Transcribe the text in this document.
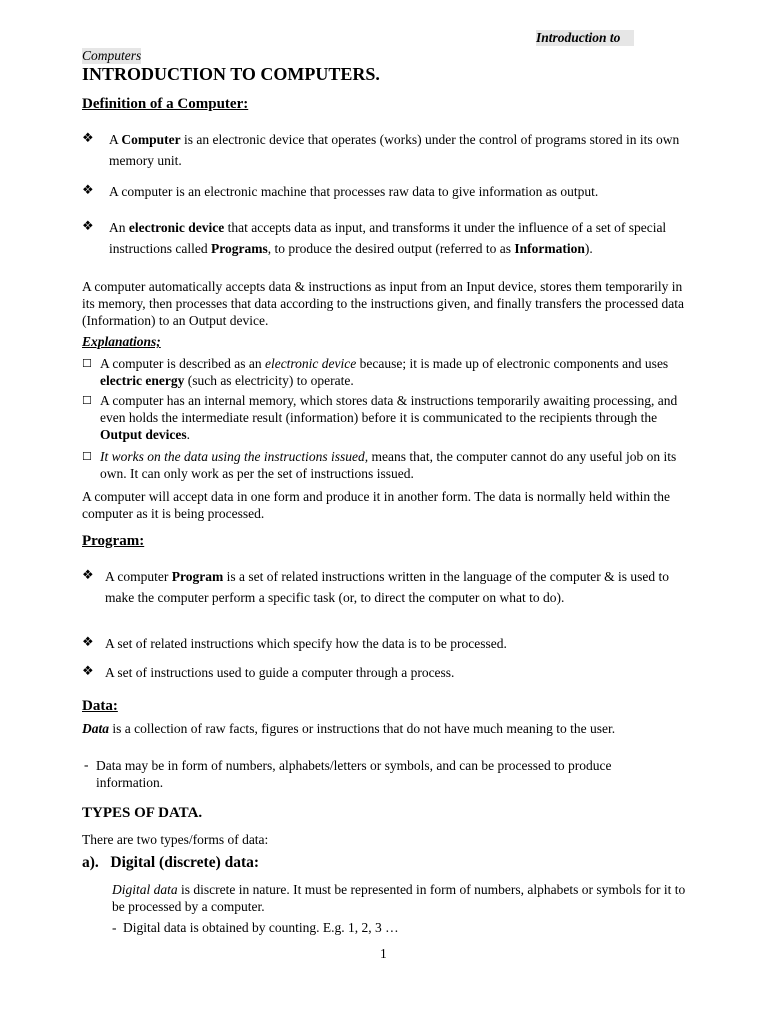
Introduction to
Computers
INTRODUCTION TO COMPUTERS.
Definition of a Computer:
❖ A Computer is an electronic device that operates (works) under the control of programs stored in its own memory unit.
❖ A computer is an electronic machine that processes raw data to give information as output.
❖ An electronic device that accepts data as input, and transforms it under the influence of a set of special instructions called Programs, to produce the desired output (referred to as Information).
A computer automatically accepts data & instructions as input from an Input device, stores them temporarily in its memory, then processes that data according to the instructions given, and finally transfers the processed data (Information) to an Output device.
Explanations;
☐ A computer is described as an electronic device because; it is made up of electronic components and uses electric energy (such as electricity) to operate.
☐ A computer has an internal memory, which stores data & instructions temporarily awaiting processing, and even holds the intermediate result (information) before it is communicated to the recipients through the Output devices.
☐ It works on the data using the instructions issued, means that, the computer cannot do any useful job on its own. It can only work as per the set of instructions issued.
A computer will accept data in one form and produce it in another form. The data is normally held within the computer as it is being processed.
Program:
❖ A computer Program is a set of related instructions written in the language of the computer & is used to make the computer perform a specific task (or, to direct the computer on what to do).
❖ A set of related instructions which specify how the data is to be processed.
❖ A set of instructions used to guide a computer through a process.
Data:
Data is a collection of raw facts, figures or instructions that do not have much meaning to the user.
- Data may be in form of numbers, alphabets/letters or symbols, and can be processed to produce information.
TYPES OF DATA.
There are two types/forms of data:
a).   Digital (discrete) data:
Digital data is discrete in nature. It must be represented in form of numbers, alphabets or symbols for it to be processed by a computer.
- Digital data is obtained by counting. E.g. 1, 2, 3 …
1
